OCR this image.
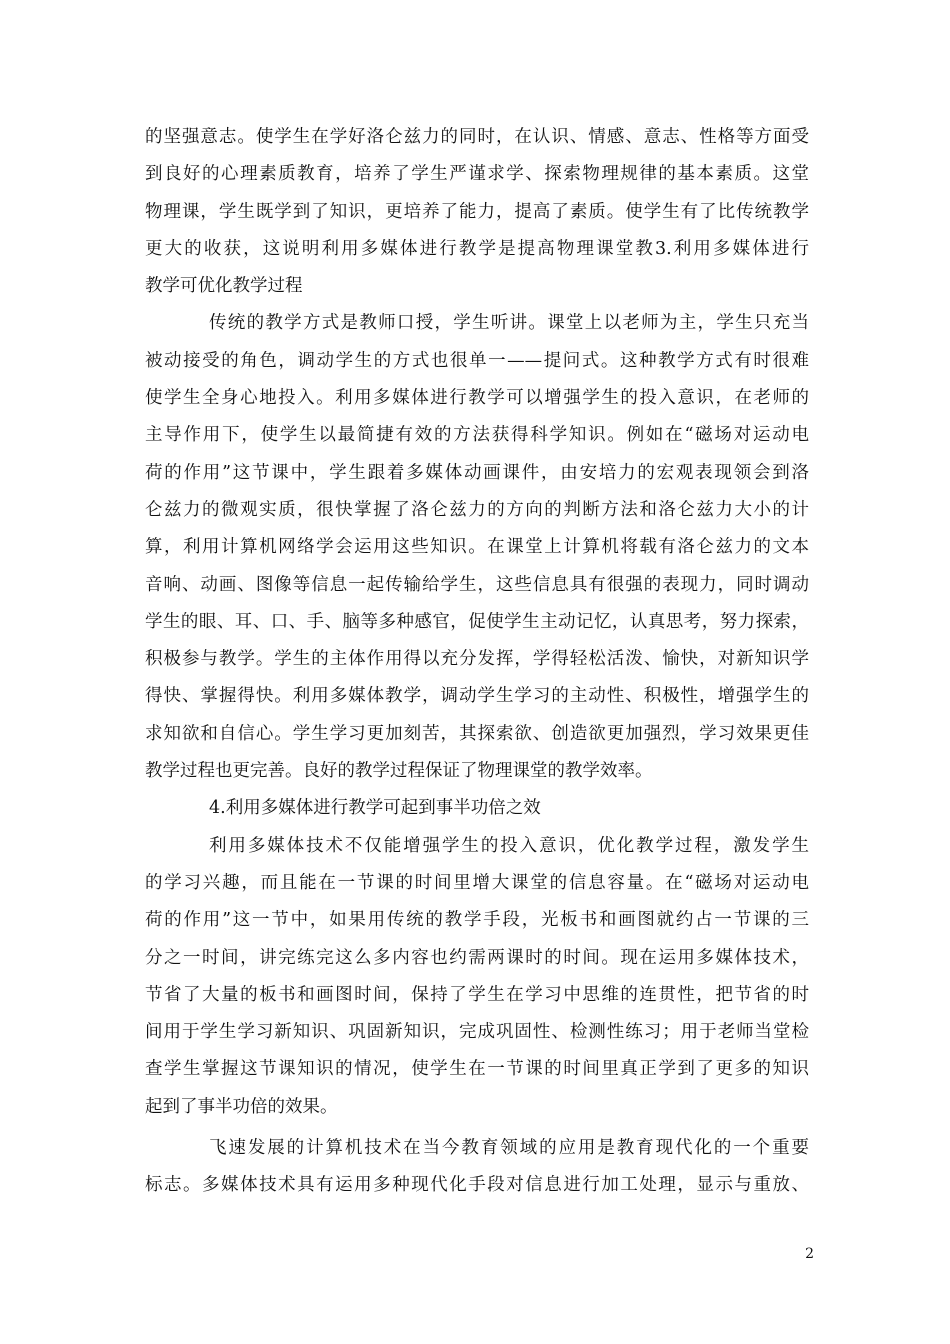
的坚强意志。使学生在学好洛仑兹力的同时，在认识、情感、意志、性格等方面受
到良好的心理素质教育，培养了学生严谨求学、探索物理规律的基本素质。这堂
物理课，学生既学到了知识，更培养了能力，提高了素质。使学生有了比传统教学
更大的收获，这说明利用多媒体进行教学是提高物理课堂教3.利用多媒体进行
教学可优化教学过程
传统的教学方式是教师口授，学生听讲。课堂上以老师为主，学生只充当
被动接受的角色，调动学生的方式也很单一——提问式。这种教学方式有时很难
使学生全身心地投入。利用多媒体进行教学可以增强学生的投入意识，在老师的
主导作用下，使学生以最简捷有效的方法获得科学知识。例如在“磁场对运动电
荷的作用”这节课中，学生跟着多媒体动画课件，由安培力的宏观表现领会到洛
仑兹力的微观实质，很快掌握了洛仑兹力的方向的判断方法和洛仑兹力大小的计
算，利用计算机网络学会运用这些知识。在课堂上计算机将载有洛仑兹力的文本
音响、动画、图像等信息一起传输给学生，这些信息具有很强的表现力，同时调动
学生的眼、耳、口、手、脑等多种感官，促使学生主动记忆，认真思考，努力探索，
积极参与教学。学生的主体作用得以充分发挥，学得轻松活泼、愉快，对新知识学
得快、掌握得快。利用多媒体教学，调动学生学习的主动性、积极性，增强学生的
求知欲和自信心。学生学习更加刻苦，其探索欲、创造欲更加强烈，学习效果更佳
教学过程也更完善。良好的教学过程保证了物理课堂的教学效率。
4.利用多媒体进行教学可起到事半功倍之效
利用多媒体技术不仅能增强学生的投入意识，优化教学过程，激发学生
的学习兴趣，而且能在一节课的时间里增大课堂的信息容量。在“磁场对运动电
荷的作用”这一节中，如果用传统的教学手段，光板书和画图就约占一节课的三
分之一时间，讲完练完这么多内容也约需两课时的时间。现在运用多媒体技术，
节省了大量的板书和画图时间，保持了学生在学习中思维的连贯性，把节省的时
间用于学生学习新知识、巩固新知识，完成巩固性、检测性练习；用于老师当堂检
查学生掌握这节课知识的情况，使学生在一节课的时间里真正学到了更多的知识
起到了事半功倍的效果。
飞速发展的计算机技术在当今教育领域的应用是教育现代化的一个重要
标志。多媒体技术具有运用多种现代化手段对信息进行加工处理，显示与重放、
2
